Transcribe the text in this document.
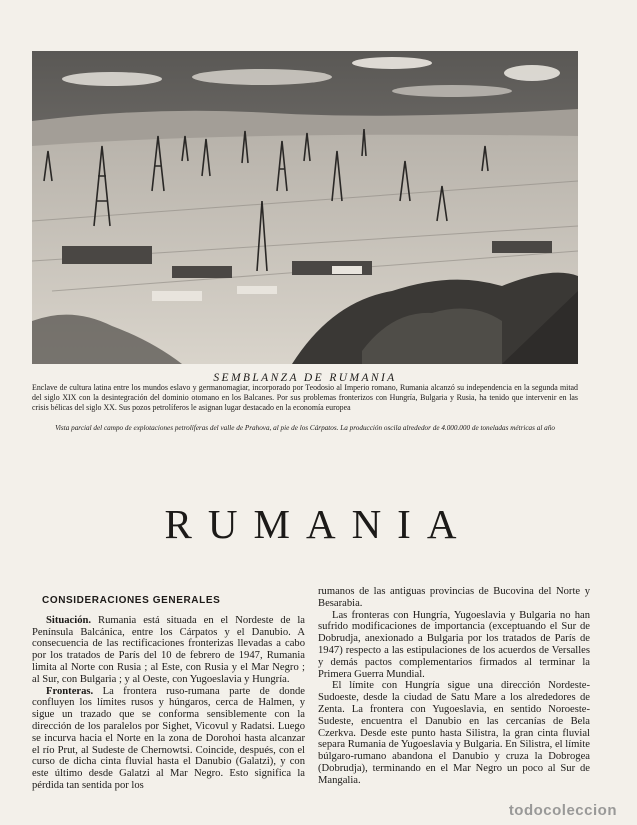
SEMBLANZA DE RUMANIA
Enclave de cultura latina entre los mundos eslavo y germanomagiar, incorporado por Teodosio al Imperio romano, Rumania alcanzó su independencia en la segunda mitad del siglo XIX con la desintegración del dominio otomano en los Balcanes. Por sus problemas fronterizos con Hungría, Bulgaria y Rusia, ha tenido que intervenir en las crisis bélicas del siglo XX. Sus pozos petrolíferos le asignan lugar destacado en la economía europea
Vista parcial del campo de explotaciones petrolíferas del valle de Prahova, al pie de los Cárpatos. La producción oscila alrededor de 4.000.000 de toneladas métricas al año
RUMANIA
CONSIDERACIONES GENERALES

Situación. Rumania está situada en el Nordeste de la Península Balcánica, entre los Cárpatos y el Danubio. A consecuencia de las rectificaciones fronterizas llevadas a cabo por los tratados de París del 10 de febrero de 1947, Rumania limita al Norte con Rusia ; al Este, con Rusia y el Mar Negro ; al Sur, con Bulgaria ; y al Oeste, con Yugoeslavia y Hungría.

Fronteras. La frontera ruso-rumana parte de donde confluyen los límites rusos y húngaros, cerca de Halmen, y sigue un trazado que se conforma sensiblemente con la dirección de los paralelos por Sighet, Vicovul y Radatsi. Luego se incurva hacia el Norte en la zona de Dorohoi hasta alcanzar el río Prut, al Sudeste de Chernowtsi. Coincide, después, con el curso de dicha cinta fluvial hasta el Danubio (Galatzi), y con este último desde Galatzi al Mar Negro. Esto significa la pérdida tan sentida por los

rumanos de las antiguas provincias de Bucovina del Norte y Besarabia.

Las fronteras con Hungría, Yugoeslavia y Bulgaria no han sufrido modificaciones de importancia (exceptuando el Sur de Dobrudja, anexionado a Bulgaria por los tratados de París de 1947) respecto a las estipulaciones de los acuerdos de Versalles y demás pactos complementarios firmados al terminar la Primera Guerra Mundial.

El límite con Hungría sigue una dirección Nordeste-Sudoeste, desde la ciudad de Satu Mare a los alrededores de Zenta. La frontera con Yugoeslavia, en sentido Noroeste-Sudeste, encuentra el Danubio en las cercanías de Bela Czerkva. Desde este punto hasta Silistra, la gran cinta fluvial separa Rumania de Yugoeslavia y Bulgaria. En Silistra, el límite búlgaro-rumano abandona el Danubio y cruza la Dobrogea (Dobrudja), terminando en el Mar Negro un poco al Sur de Mangalia.

todocoleccion
